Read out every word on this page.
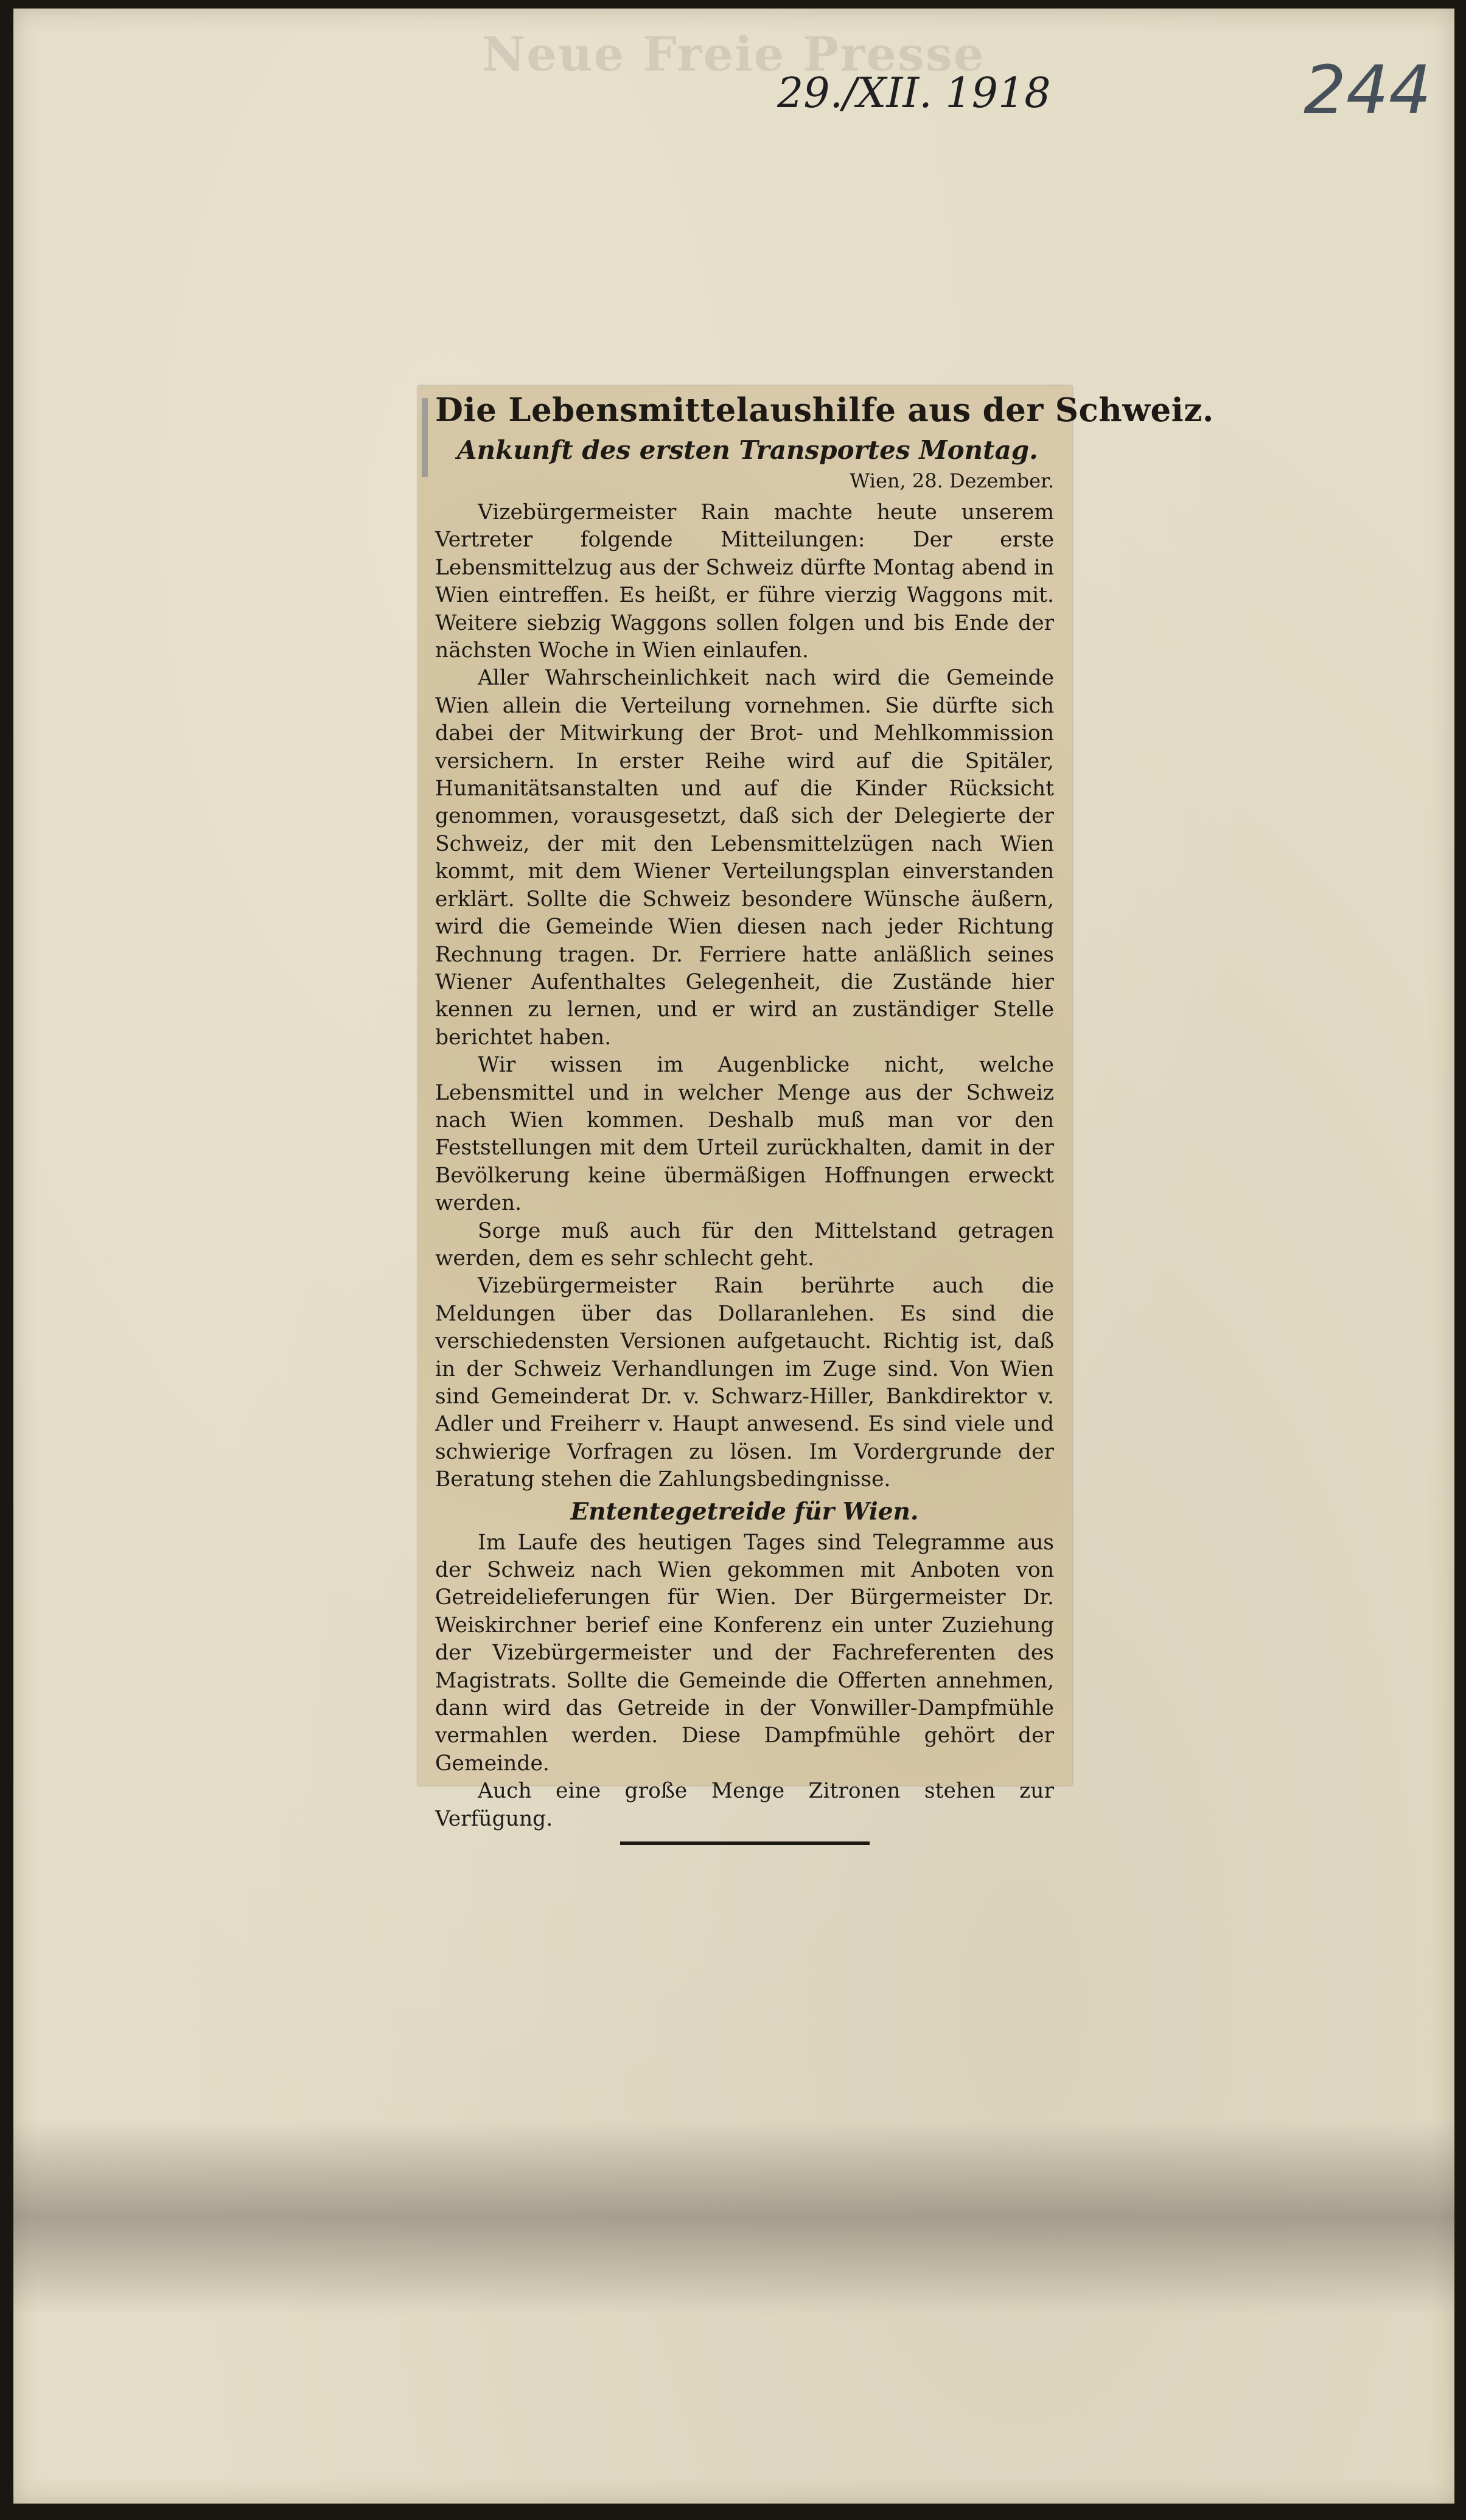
Neue Freie Presse
29./XII. 1918	244
Die Lebensmittelaushilfe aus der Schweiz.
Ankunft des ersten Transportes Montag.
Wien, 28. Dezember.

Vizebürgermeister Rain machte heute unserem Vertreter folgende Mitteilungen: Der erste Lebensmittelzug aus der Schweiz dürfte Montag abend in Wien eintreffen. Es heißt, er führe vierzig Waggons mit. Weitere siebzig Waggons sollen folgen und bis Ende der nächsten Woche in Wien einlaufen.

Aller Wahrscheinlichkeit nach wird die Gemeinde Wien allein die Verteilung vornehmen. Sie dürfte sich dabei der Mitwirkung der Brot- und Mehlkommission versichern. In erster Reihe wird auf die Spitäler, Humanitätsanstalten und auf die Kinder Rücksicht genommen, vorausgesetzt, daß sich der Delegierte der Schweiz, der mit den Lebensmittelzügen nach Wien kommt, mit dem Wiener Verteilungsplan einverstanden erklärt. Sollte die Schweiz besondere Wünsche äußern, wird die Gemeinde Wien diesen nach jeder Richtung Rechnung tragen. Dr. Ferriere hatte anläßlich seines Wiener Aufenthaltes Gelegenheit, die Zustände hier kennen zu lernen, und er wird an zuständiger Stelle berichtet haben.

Wir wissen im Augenblicke nicht, welche Lebensmittel und in welcher Menge aus der Schweiz nach Wien kommen. Deshalb muß man vor den Feststellungen mit dem Urteil zurückhalten, damit in der Bevölkerung keine übermäßigen Hoffnungen erweckt werden.

Sorge muß auch für den Mittelstand getragen werden, dem es sehr schlecht geht.

Vizebürgermeister Rain berührte auch die Meldungen über das Dollaranlehen. Es sind die verschiedensten Versionen aufgetaucht. Richtig ist, daß in der Schweiz Verhandlungen im Zuge sind. Von Wien sind Gemeinderat Dr. v. Schwarz-Hiller, Bankdirektor v. Adler und Freiherr v. Haupt anwesend. Es sind viele und schwierige Vorfragen zu lösen. Im Vordergrunde der Beratung stehen die Zahlungsbedingnisse.

Ententegetreide für Wien.

Im Laufe des heutigen Tages sind Telegramme aus der Schweiz nach Wien gekommen mit Anboten von Getreidelieferungen für Wien. Der Bürgermeister Dr. Weiskirchner berief eine Konferenz ein unter Zuziehung der Vizebürgermeister und der Fachreferenten des Magistrats. Sollte die Gemeinde die Offerten annehmen, dann wird das Getreide in der Vonwiller-Dampfmühle vermahlen werden. Diese Dampfmühle gehört der Gemeinde.

Auch eine große Menge Zitronen stehen zur Verfügung.
